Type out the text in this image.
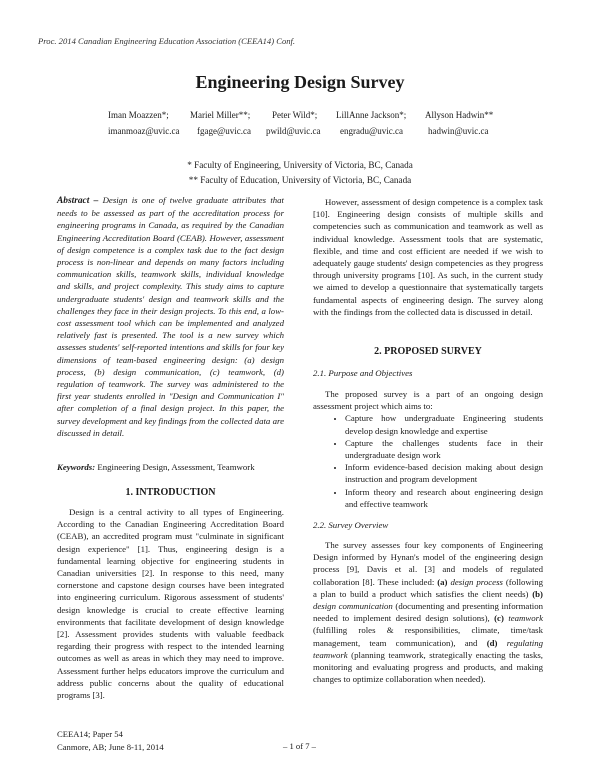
Proc. 2014 Canadian Engineering Education Association (CEEA14) Conf.
Engineering Design Survey
Iman Moazzen*; Mariel Miller**; Peter Wild*; LillAnne Jackson*; Allyson Hadwin**
imanmoaz@uvic.ca fgage@uvic.ca pwild@uvic.ca engradu@uvic.ca	hadwin@uvic.ca
* Faculty of Engineering, University of Victoria, BC, Canada
** Faculty of Education, University of Victoria, BC, Canada
Abstract – Design is one of twelve graduate attributes that needs to be assessed as part of the accreditation process for engineering programs in Canada, as required by the Canadian Engineering Accreditation Board (CEAB). However, assessment of design competence is a complex task due to the fact design process is non-linear and depends on many factors including communication skills, teamwork skills, individual knowledge and skills, and project complexity. This study aims to capture undergraduate students' design and teamwork skills and the challenges they face in their design projects. To this end, a low-cost assessment tool which can be implemented and analyzed relatively fast is presented. The tool is a new survey which assesses students' self-reported intentions and skills for four key dimensions of team-based engineering design: (a) design process, (b) design communication, (c) teamwork, (d) regulation of teamwork. The survey was administered to the first year students enrolled in "Design and Communication I" after completion of a final design project. In this paper, the survey development and key findings from the collected data are discussed in detail.
Keywords: Engineering Design, Assessment, Teamwork
1. INTRODUCTION

Design is a central activity to all types of Engineering. According to the Canadian Engineering Accreditation Board (CEAB), an accredited program must "culminate in significant design experience" [1]. Thus, engineering design is a fundamental learning objective for engineering students in Canadian universities [2]. In response to this need, many cornerstone and capstone design courses have been integrated into engineering curriculum. Rigorous assessment of students' design knowledge is crucial to create effective learning environments that facilitate development of design knowledge [2]. Assessment provides students with valuable feedback regarding their progress with respect to the intended learning outcomes as well as areas in which they may need to improve. Assessment further helps educators improve the curriculum and address public concerns about the quality of educational programs [3].

However, assessment of design competence is a complex task [10]. Engineering design consists of multiple skills and competencies such as communication and teamwork as well as individual knowledge. Assessment tools that are systematic, flexible, and time and cost efficient are needed if we wish to adequately gauge students' design competencies as they progress through university programs [10]. As such, in the current study we aimed to develop a questionnaire that systematically targets fundamental aspects of engineering design. The survey along with the findings from the collected data is discussed in detail.

2. PROPOSED SURVEY
2.1. Purpose and Objectives

The proposed survey is a part of an ongoing design assessment project which aims to:

• Capture how undergraduate Engineering students develop design knowledge and expertise
• Capture the challenges students face in their undergraduate design work
• Inform evidence-based decision making about design instruction and program development
• Inform theory and research about engineering design and effective teamwork
2.2. Survey Overview

The survey assesses four key components of Engineering Design informed by Hynan's model of the engineering design process [9], Davis et al. [3] and models of regulated collaboration [8]. These included: (a) design process (following a plan to build a product which satisfies the client needs) (b) design communication (documenting and presenting information needed to implement desired design solutions), (c) teamwork (fulfilling roles & responsibilities, climate, time/task management, team communication), and (d) regulating teamwork (planning teamwork, strategically enacting the tasks, monitoring and evaluating progress and products, and making changes to optimize collaboration when needed).

CEEA14; Paper 54
Canmore, AB; June 8-11, 2014	– 1 of 7 –
